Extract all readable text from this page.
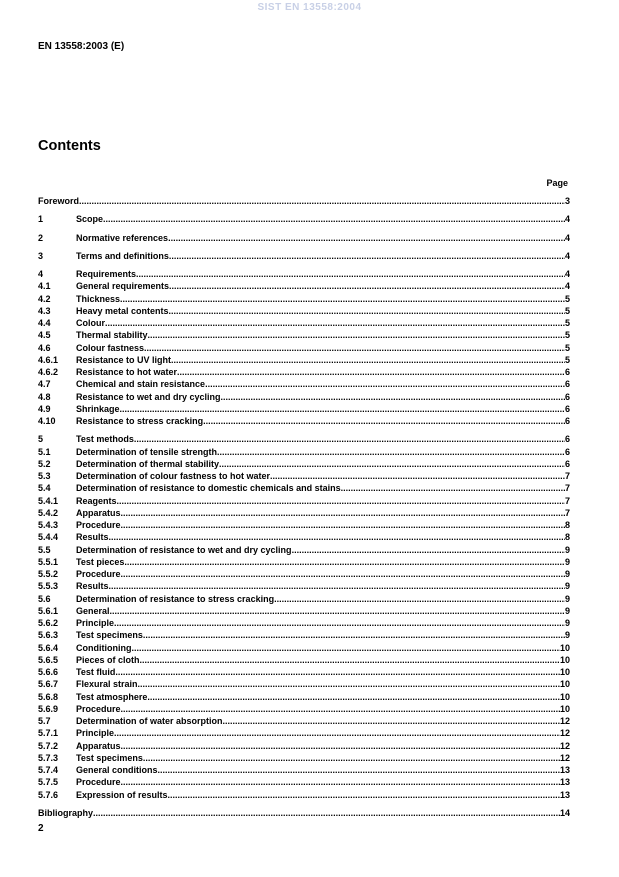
SIST EN 13558:2004
EN 13558:2003 (E)
Contents
Page
Foreword .....	3
1	Scope .....	4
2	Normative references .....	4
3	Terms and definitions .....	4
4	Requirements .....	4
4.1	General requirements .....	4
4.2	Thickness .....	5
4.3	Heavy metal contents .....	5
4.4	Colour .....	5
4.5	Thermal stability .....	5
4.6	Colour fastness .....	5
4.6.1	Resistance to UV light .....	5
4.6.2	Resistance to hot water .....	6
4.7	Chemical and stain resistance .....	6
4.8	Resistance to wet and dry cycling .....	6
4.9	Shrinkage .....	6
4.10	Resistance to stress cracking .....	6
5	Test methods .....	6
5.1	Determination of tensile strength .....	6
5.2	Determination of thermal stability .....	6
5.3	Determination of colour fastness to hot water .....	7
5.4	Determination of resistance to domestic chemicals and stains .....	7
5.4.1	Reagents .....	7
5.4.2	Apparatus .....	7
5.4.3	Procedure .....	8
5.4.4	Results .....	8
5.5	Determination of resistance to wet and dry cycling .....	9
5.5.1	Test pieces .....	9
5.5.2	Procedure .....	9
5.5.3	Results .....	9
5.6	Determination of resistance to stress cracking .....	9
5.6.1	General .....	9
5.6.2	Principle .....	9
5.6.3	Test specimens .....	9
5.6.4	Conditioning .....	10
5.6.5	Pieces of cloth .....	10
5.6.6	Test fluid .....	10
5.6.7	Flexural strain .....	10
5.6.8	Test atmosphere .....	10
5.6.9	Procedure .....	10
5.7	Determination of water absorption .....	12
5.7.1	Principle .....	12
5.7.2	Apparatus .....	12
5.7.3	Test specimens .....	12
5.7.4	General conditions .....	13
5.7.5	Procedure .....	13
5.7.6	Expression of results .....	13
Bibliography .....	14
2
